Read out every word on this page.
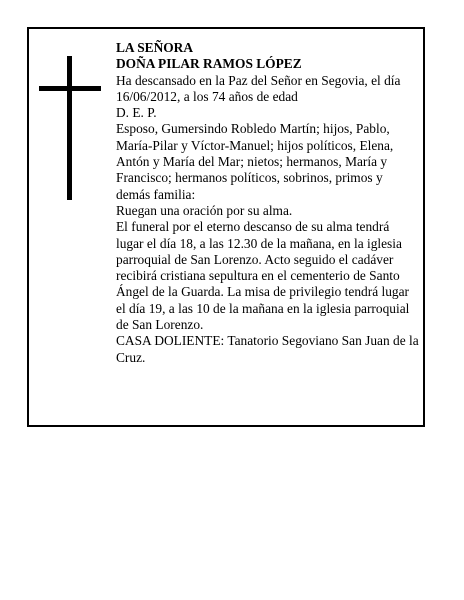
LA SEÑORA

DOÑA PILAR RAMOS LÓPEZ

Ha descansado en la Paz del Señor en Segovia, el día 16/06/2012, a los 74 años de edad

D. E. P.

Esposo, Gumersindo Robledo Martín; hijos, Pablo, María-Pilar y Víctor-Manuel; hijos políticos, Elena, Antón y María del Mar; nietos; hermanos, María y Francisco; hermanos políticos, sobrinos, primos y demás familia:

Ruegan una oración por su alma.

El funeral por el eterno descanso de su alma tendrá lugar el día 18, a las 12.30 de la mañana, en la iglesia parroquial de San Lorenzo. Acto seguido el cadáver recibirá cristiana sepultura en el cementerio de Santo Ángel de la Guarda. La misa de privilegio tendrá lugar el día 19, a las 10 de la mañana en la iglesia parroquial de San Lorenzo.

CASA DOLIENTE: Tanatorio Segoviano San Juan de la Cruz.
